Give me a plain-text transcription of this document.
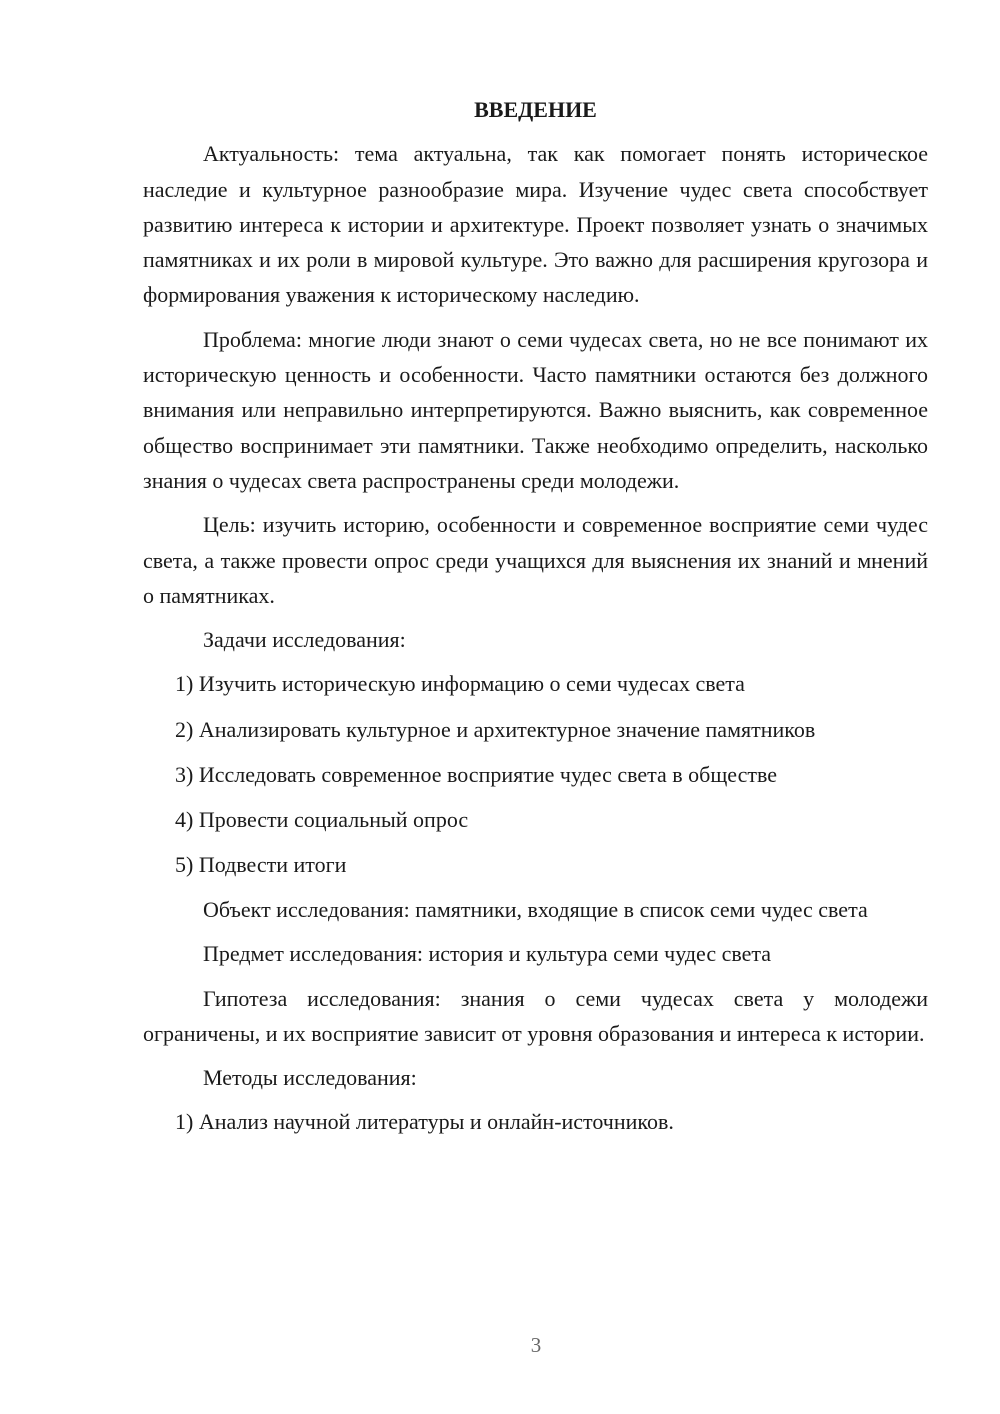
ВВЕДЕНИЕ
Актуальность: тема актуальна, так как помогает понять историческое наследие и культурное разнообразие мира. Изучение чудес света способствует развитию интереса к истории и архитектуре. Проект позволяет узнать о значимых памятниках и их роли в мировой культуре. Это важно для расширения кругозора и формирования уважения к историческому наследию.
Проблема: многие люди знают о семи чудесах света, но не все понимают их историческую ценность и особенности. Часто памятники остаются без должного внимания или неправильно интерпретируются. Важно выяснить, как современное общество воспринимает эти памятники. Также необходимо определить, насколько знания о чудесах света распространены среди молодежи.
Цель: изучить историю, особенности и современное восприятие семи чудес света, а также провести опрос среди учащихся для выяснения их знаний и мнений о памятниках.
Задачи исследования:
1) Изучить историческую информацию о семи чудесах света
2) Анализировать культурное и архитектурное значение памятников
3) Исследовать современное восприятие чудес света в обществе
4) Провести социальный опрос
5) Подвести итоги
Объект исследования: памятники, входящие в список семи чудес света
Предмет исследования: история и культура семи чудес света
Гипотеза исследования: знания о семи чудесах света у молодежи ограничены, и их восприятие зависит от уровня образования и интереса к истории.
Методы исследования:
1) Анализ научной литературы и онлайн-источников.
3
